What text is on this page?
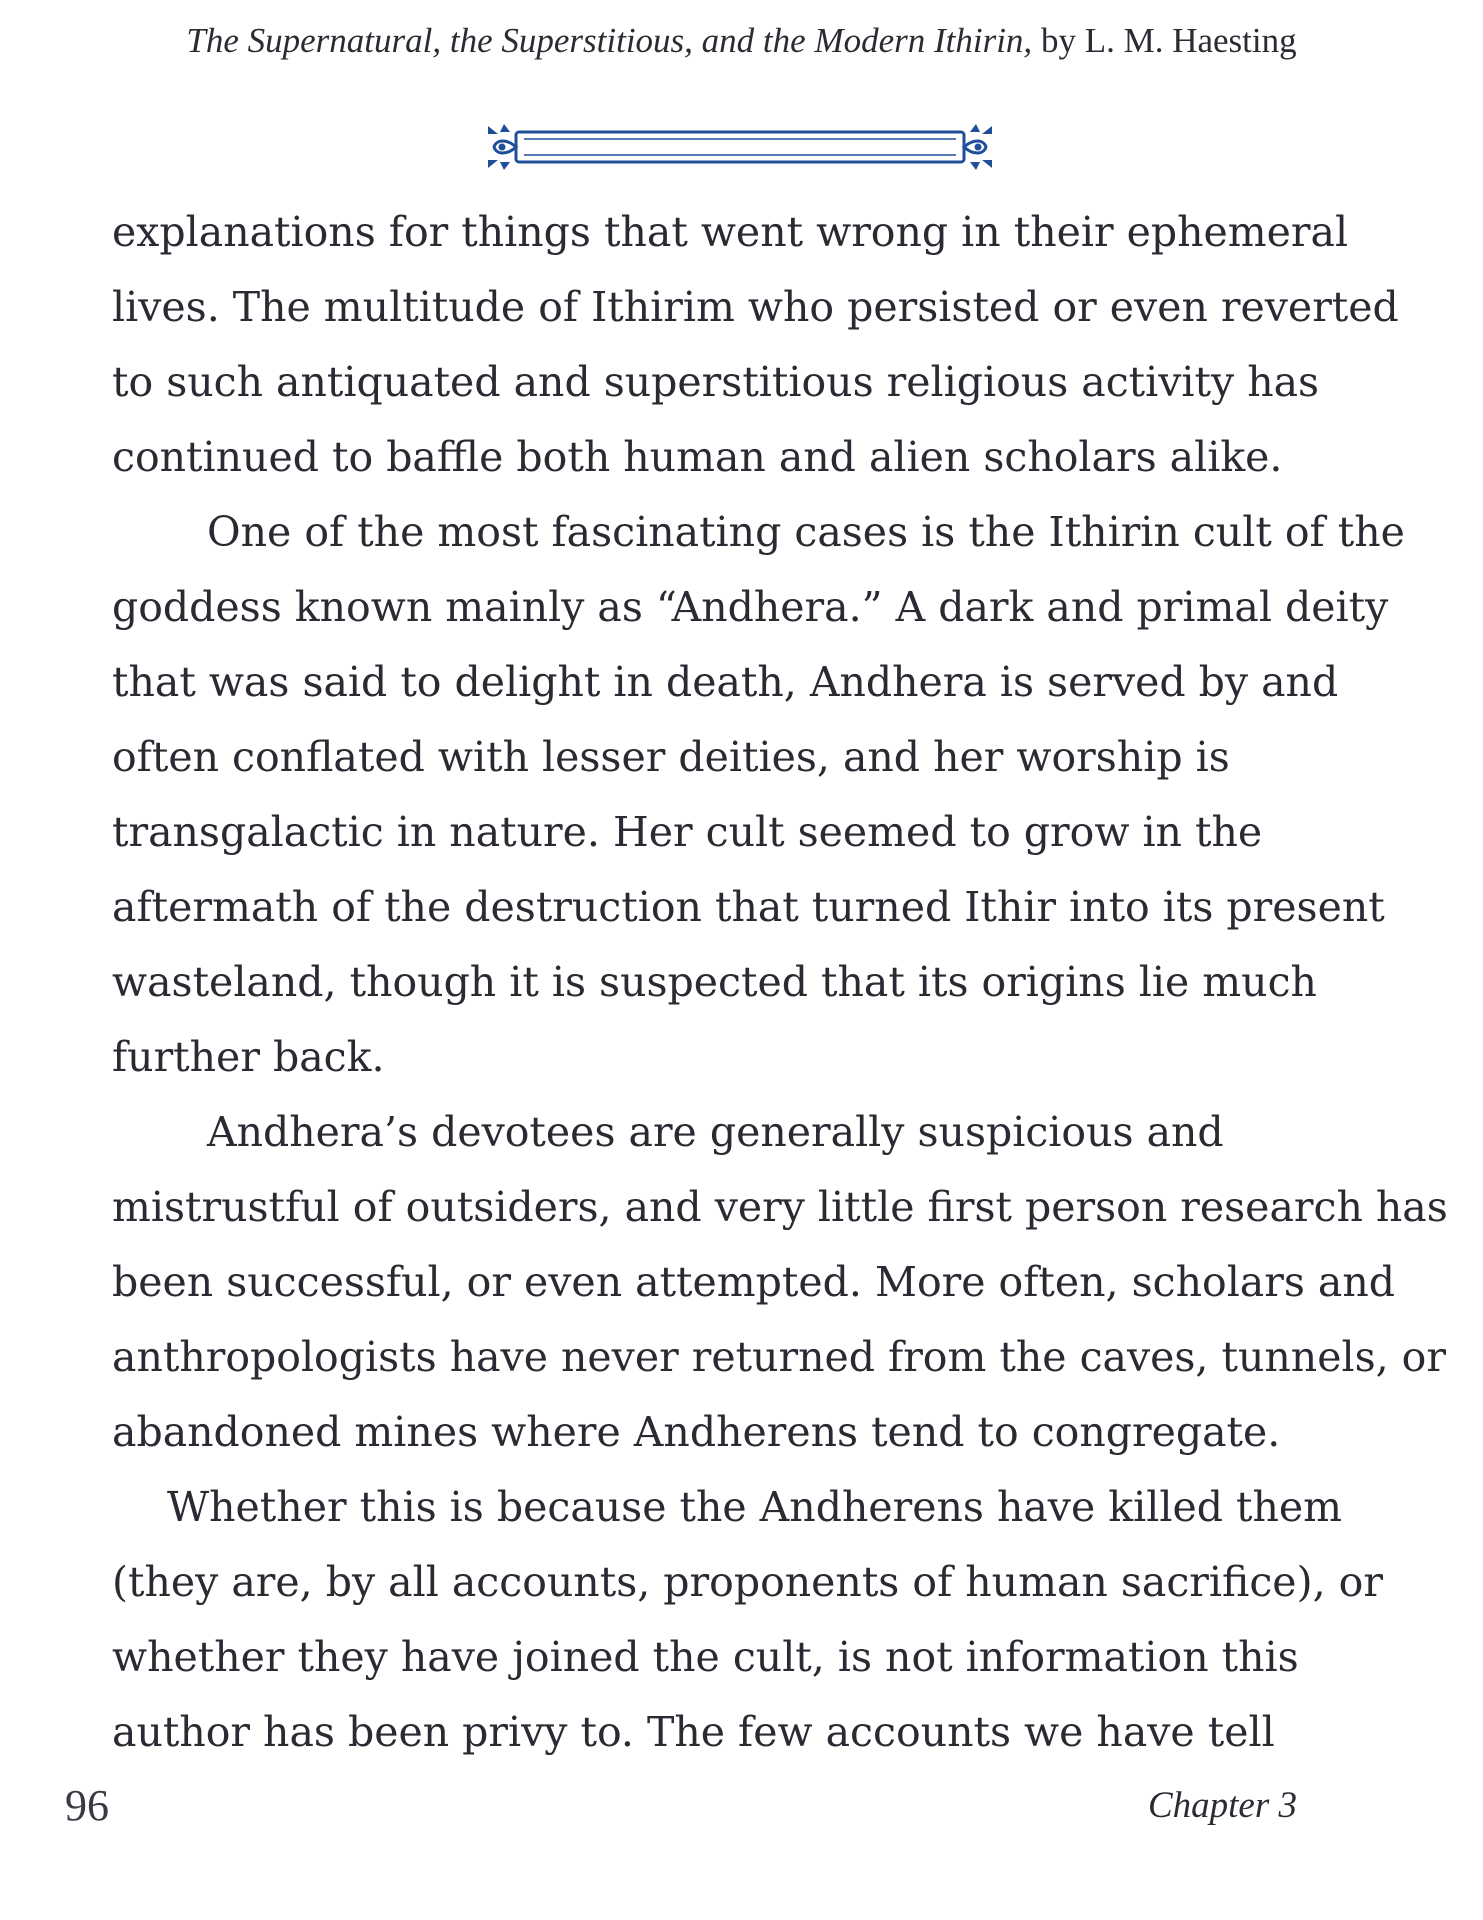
The Supernatural, the Superstitious, and the Modern Ithirin, by L. M. Haesting
explanations for things that went wrong in their ephemeral
lives. The multitude of Ithirim who persisted or even reverted
to such antiquated and superstitious religious activity has
continued to baffle both human and alien scholars alike.
One of the most fascinating cases is the Ithirin cult of the
goddess known mainly as “Andhera.” A dark and primal deity
that was said to delight in death, Andhera is served by and
often conflated with lesser deities, and her worship is
transgalactic in nature. Her cult seemed to grow in the
aftermath of the destruction that turned Ithir into its present
wasteland, though it is suspected that its origins lie much
further back.
Andhera’s devotees are generally suspicious and
mistrustful of outsiders, and very little first person research has
been successful, or even attempted. More often, scholars and
anthropologists have never returned from the caves, tunnels, or
abandoned mines where Andherens tend to congregate.
Whether this is because the Andherens have killed them
(they are, by all accounts, proponents of human sacrifice), or
whether they have joined the cult, is not information this
author has been privy to. The few accounts we have tell
96	Chapter 3
